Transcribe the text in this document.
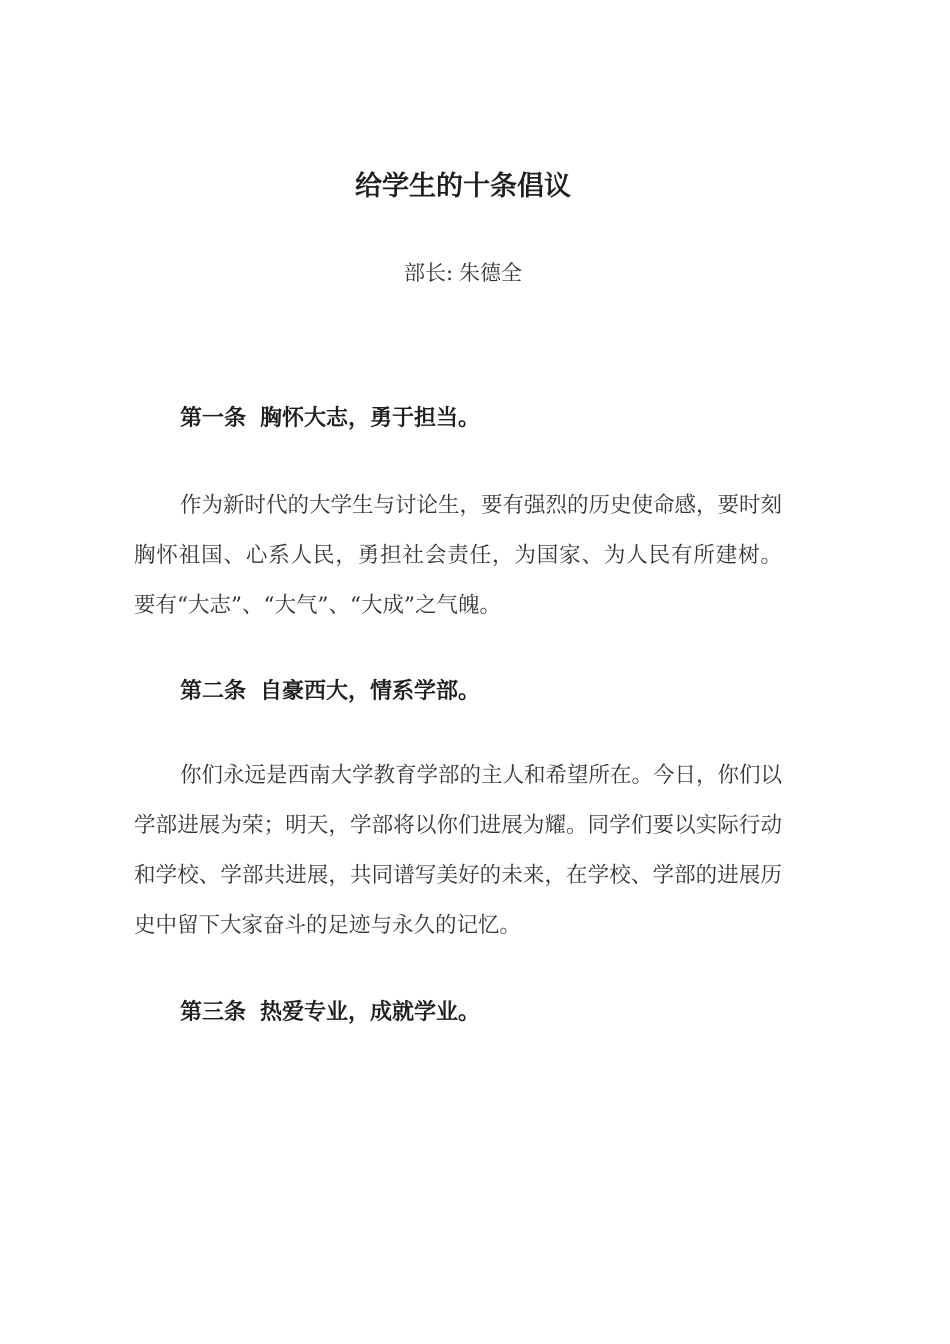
给学生的十条倡议
部长: 朱德全
第一条 胸怀大志，勇于担当。

作为新时代的大学生与讨论生，要有强烈的历史使命感，要时刻胸怀祖国、心系人民，勇担社会责任，为国家、为人民有所建树。 要有“大志”、“大气”、“大成”之气魄。

第二条 自豪西大，情系学部。

你们永远是西南大学教育学部的主人和希望所在。今日，你们以学部进展为荣；明天，学部将以你们进展为耀。同学们要以实际行动和学校、学部共进展，共同谱写美好的未来，在学校、学部的进展历史中留下大家奋斗的足迹与永久的记忆。

第三条 热爱专业，成就学业。
